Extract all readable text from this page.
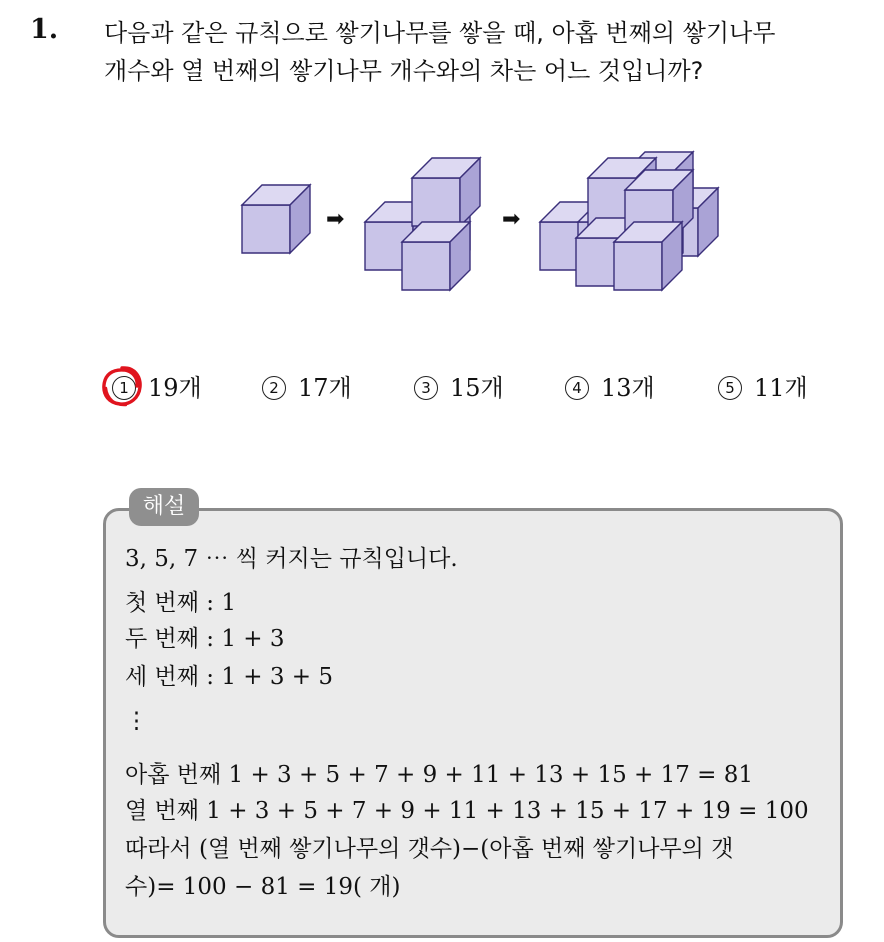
1. 다음과 같은 규칙으로 쌓기나무를 쌓을 때, 아홉 번째의 쌓기나무
개수와 열 번째의 쌓기나무 개수와의 차는 어느 것입니까?
➡	➡
1 19개	2 17개	3 15개	4 13개	5 11개
해설
3, 5, 7 ⋯ 씩 커지는 규칙입니다.
첫 번째 : 1
두 번째 : 1 + 3
세 번째 : 1 + 3 + 5
⋮
아홉 번째 1 + 3 + 5 + 7 + 9 + 11 + 13 + 15 + 17 = 81
열 번째 1 + 3 + 5 + 7 + 9 + 11 + 13 + 15 + 17 + 19 = 100
따라서 (열 번째 쌓기나무의 갯수)−(아홉 번째 쌓기나무의 갯
수)= 100 − 81 = 19( 개)
